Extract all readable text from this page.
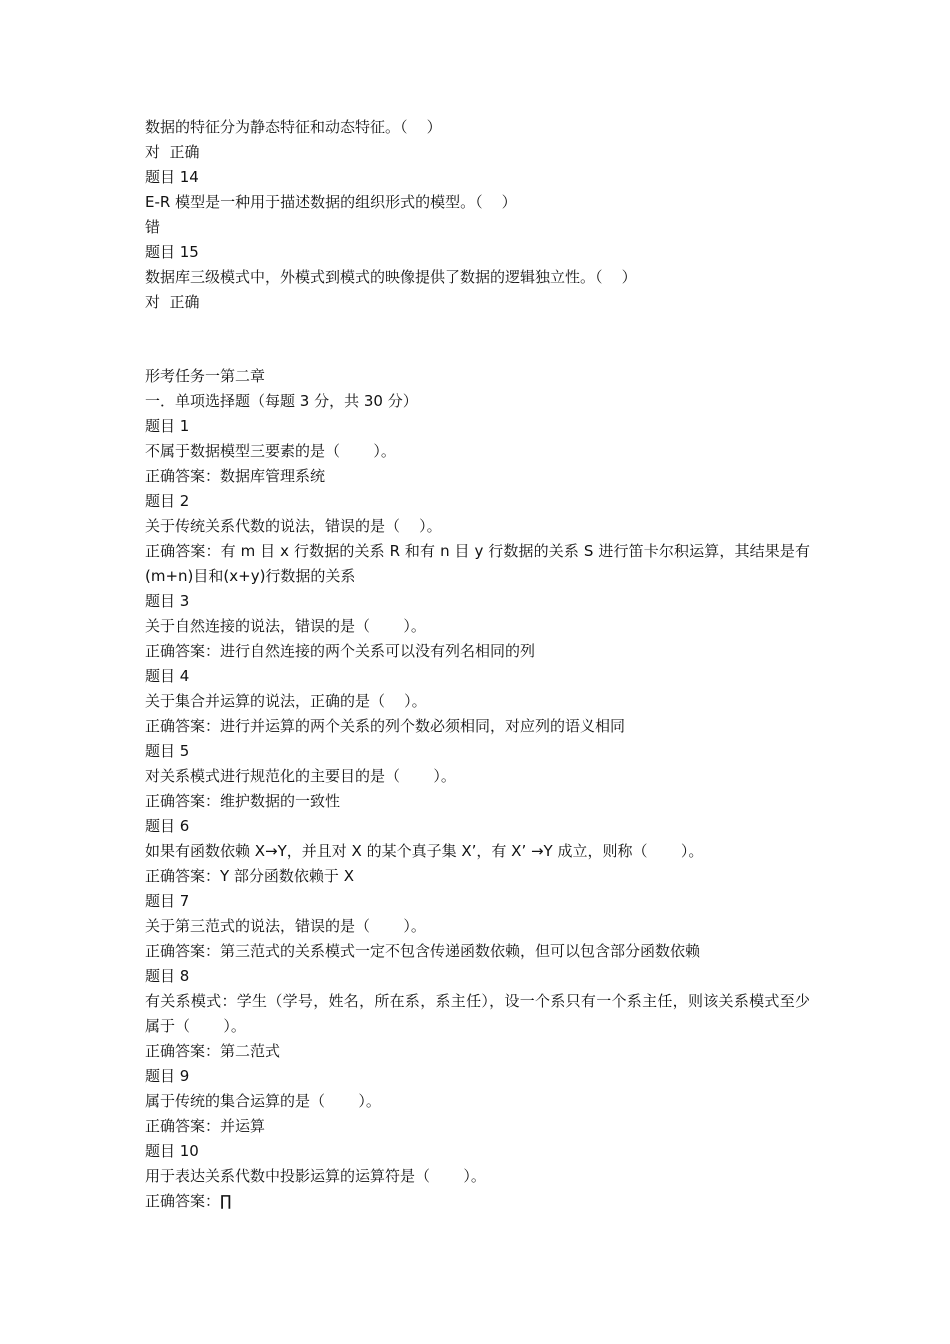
数据的特征分为静态特征和动态特征。（    ）
对  正确
题目 14
E-R 模型是一种用于描述数据的组织形式的模型。（    ）
错
题目 15
数据库三级模式中，外模式到模式的映像提供了数据的逻辑独立性。（    ）
对  正确
形考任务一第二章
一．单项选择题（每题 3 分，共 30 分）
题目 1
不属于数据模型三要素的是（       ）。
正确答案：数据库管理系统
题目 2
关于传统关系代数的说法，错误的是（    ）。
正确答案：有 m 目 x 行数据的关系 R 和有 n 目 y 行数据的关系 S 进行笛卡尔积运算，其结果是有(m+n)目和(x+y)行数据的关系
题目 3
关于自然连接的说法，错误的是（       ）。
正确答案：进行自然连接的两个关系可以没有列名相同的列
题目 4
关于集合并运算的说法，正确的是（    ）。
正确答案：进行并运算的两个关系的列个数必须相同，对应列的语义相同
题目 5
对关系模式进行规范化的主要目的是（       ）。
正确答案：维护数据的一致性
题目 6
如果有函数依赖 X→Y，并且对 X 的某个真子集 X’，有 X’ →Y 成立，则称（       ）。
正确答案：Y 部分函数依赖于 X
题目 7
关于第三范式的说法，错误的是（       ）。
正确答案：第三范式的关系模式一定不包含传递函数依赖，但可以包含部分函数依赖
题目 8
有关系模式：学生（学号，姓名，所在系，系主任），设一个系只有一个系主任，则该关系模式至少属于（       ）。
正确答案：第二范式
题目 9
属于传统的集合运算的是（       ）。
正确答案：并运算
题目 10
用于表达关系代数中投影运算的运算符是（       ）。
正确答案：∏
